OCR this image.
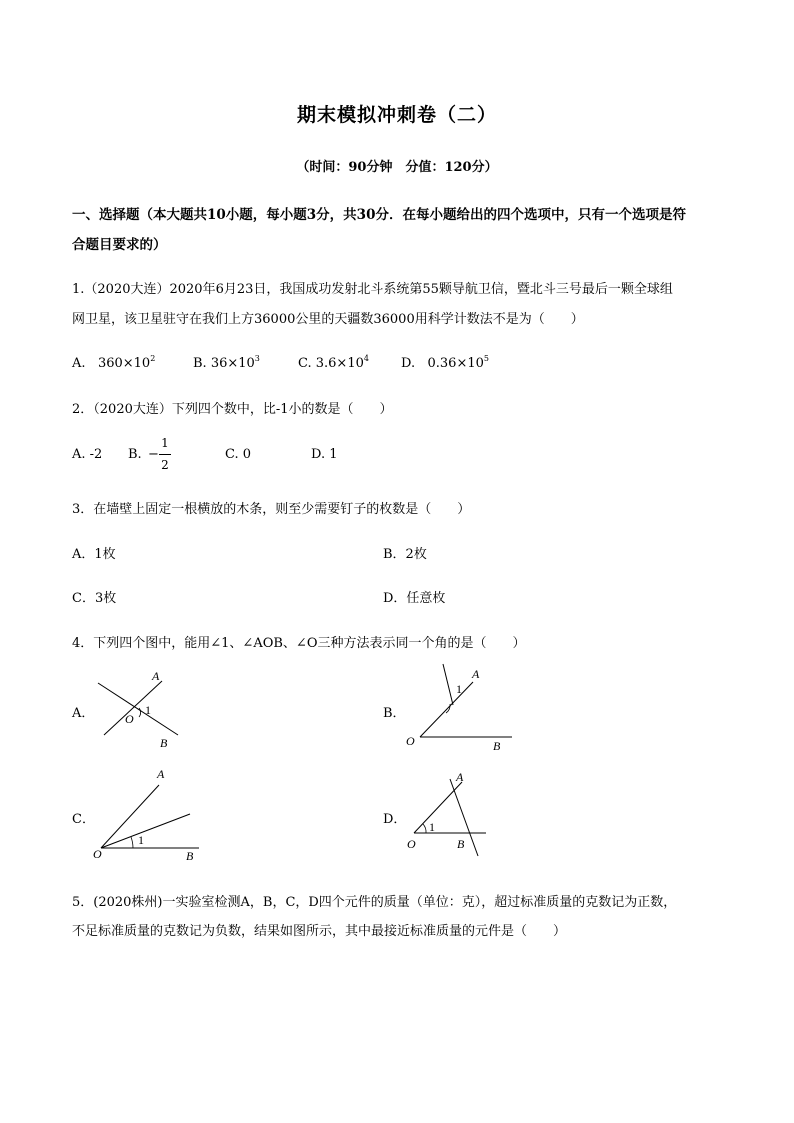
期末模拟冲刺卷（二）
（时间：90分钟　分值：120分）
一、选择题（本大题共10小题，每小题3分，共30分．在每小题给出的四个选项中，只有一个选项是符
合题目要求的）
1.（2020大连）2020年6月23日，我国成功发射北斗系统第55颗导航卫信，暨北斗三号最后一颗全球组
网卫星，该卫星驻守在我们上方36000公里的天疆数36000用科学计数法不是为（　　）
A. $360\times 10^2$	B. $36\times 10^3$	C. $3.6\times 10^4$ D. $0.36\times 10^5$
2．（2020大连）下列四个数中，比-1小的数是（　　）
A. -2 B. −
1
2
C. 0	D. 1
3．在墙壁上固定一根横放的木条，则至少需要钉子的枚数是（　　）
A．1枚	B．2枚
C．3枚	D．任意枚
4．下列四个图中，能用∠1、∠AOB、∠O三种方法表示同一个角的是（　　）
A．	B．
C．	D．
A
O
1
B
A
1
O	B
A
1
O	B
A
1
O	B
5．(2020株州)一实验室检测A，B，C，D四个元件的质量（单位：克），超过标准质量的克数记为正数，
不足标准质量的克数记为负数，结果如图所示，其中最接近标准质量的元件是（　　）
